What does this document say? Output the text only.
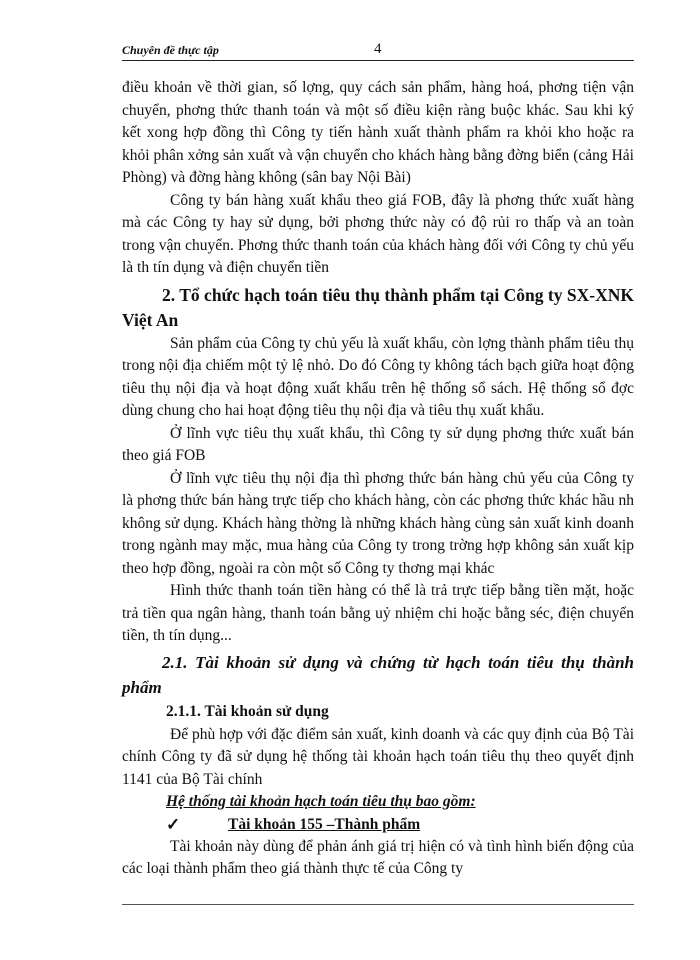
Chuyên đề thực tập	4

điều khoản về thời gian, số lợng, quy cách sản phẩm, hàng hoá, phơng tiện vận chuyển, phơng thức thanh toán và một số điều kiện ràng buộc khác. Sau khi ký kết xong hợp đồng thì Công ty tiến hành xuất thành phẩm ra khỏi kho hoặc ra khỏi phân xởng sản xuất và vận chuyển cho khách hàng bằng đờng biển (cảng Hải Phòng) và đờng hàng không (sân bay Nội Bài)

Công ty bán hàng xuất khẩu theo giá FOB, đây là phơng thức xuất hàng mà các Công ty hay sử dụng, bởi phơng thức này có độ rủi ro thấp và an toàn trong vận chuyển. Phơng thức thanh toán của khách hàng đối với Công ty chủ yếu là th tín dụng và điện chuyển tiền

2. Tổ chức hạch toán tiêu thụ thành phẩm tại Công ty SX-XNK Việt An

Sản phẩm của Công ty chủ yếu là xuất khẩu, còn lợng thành phẩm tiêu thụ trong nội địa chiếm một tỷ lệ nhỏ. Do đó Công ty không tách bạch giữa hoạt động tiêu thụ nội địa và hoạt động xuất khẩu trên hệ thống sổ sách. Hệ thống sổ đợc dùng chung cho hai hoạt động tiêu thụ nội địa và tiêu thụ xuất khẩu.

Ở lĩnh vực tiêu thụ xuất khẩu, thì Công ty sử dụng phơng thức xuất bán theo giá FOB

Ở lĩnh vực tiêu thụ nội địa thì phơng thức bán hàng chủ yếu của Công ty là phơng thức bán hàng trực tiếp cho khách hàng, còn các phơng thức khác hầu nh không sử dụng. Khách hàng thờng là những khách hàng cùng sản xuất kinh doanh trong ngành may mặc, mua hàng của Công ty trong trờng hợp không sản xuất kịp theo hợp đồng, ngoài ra còn một số Công ty thơng mại khác

Hình thức thanh toán tiền hàng có thể là trả trực tiếp bằng tiền mặt, hoặc trả tiền qua ngân hàng, thanh toán bằng uỷ nhiệm chi hoặc bằng séc, điện chuyển tiền, th tín dụng...

2.1. Tài khoản sử dụng và chứng từ hạch toán tiêu thụ thành phẩm

2.1.1. Tài khoản sử dụng

Để phù hợp với đặc điểm sản xuất, kinh doanh và các quy định của Bộ Tài chính Công ty đã sử dụng hệ thống tài khoản hạch toán tiêu thụ theo quyết định 1141 của Bộ Tài chính

Hệ thống tài khoản hạch toán tiêu thụ bao gồm:

✓	Tài khoản 155 –Thành phẩm

Tài khoản này dùng để phản ánh giá trị hiện có và tình hình biến động của các loại thành phẩm theo giá thành thực tế của Công ty
